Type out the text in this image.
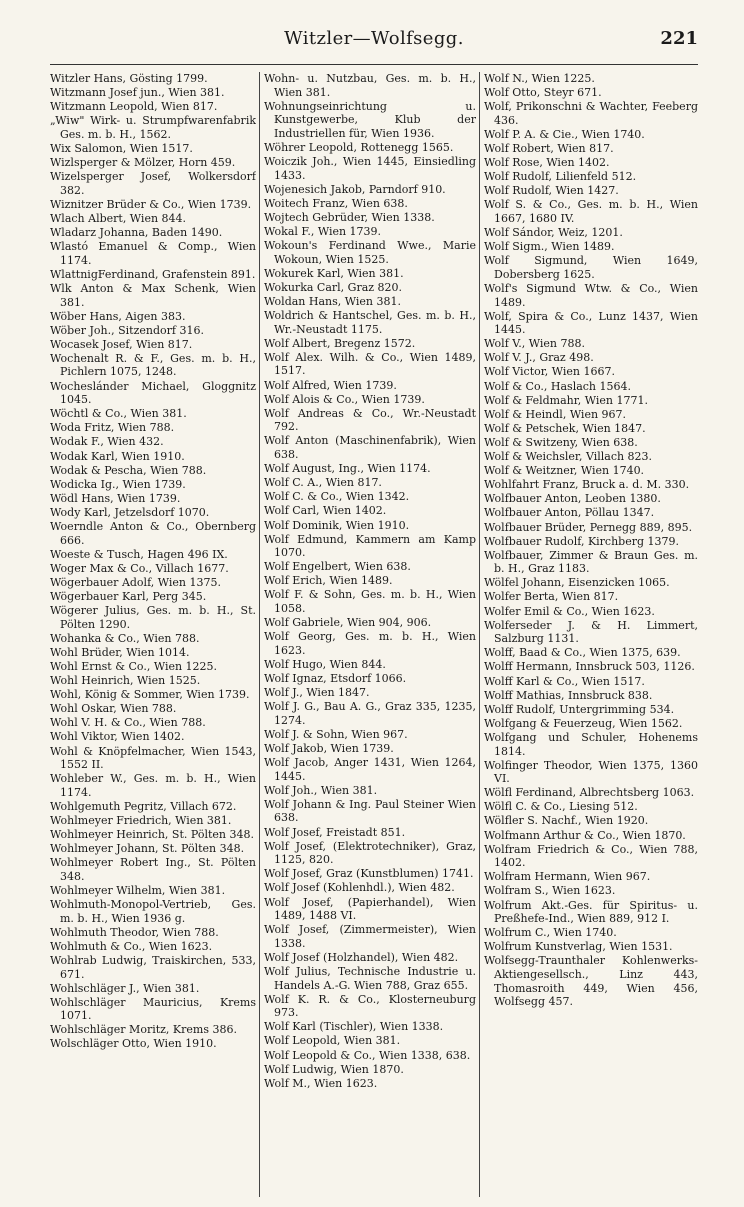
Witzler—Wolfsegg.	221
Witzler Hans, Gösting 1799.
Witzmann Josef jun., Wien 381.
Witzmann Leopold, Wien 817.
„Wiw" Wirk- u. Strumpfwarenfabrik Ges. m. b. H., 1562.
Wix Salomon, Wien 1517.
Wizlsperger & Mölzer, Horn 459.
Wizelsperger Josef, Wolkersdorf 382.
Wiznitzer Brüder & Co., Wien 1739.
Wlach Albert, Wien 844.
Wladarz Johanna, Baden 1490.
Wlastó Emanuel & Comp., Wien 1174.
WlattnigFerdinand, Grafenstein 891.
Wlk Anton & Max Schenk, Wien 381.
Wöber Hans, Aigen 383.
Wöber Joh., Sitzendorf 316.
Wocasek Josef, Wien 817.
Wochenalt R. & F., Ges. m. b. H., Pichlern 1075, 1248.
Wocheslánder Michael, Gloggnitz 1045.
Wöchtl & Co., Wien 381.
Woda Fritz, Wien 788.
Wodak F., Wien 432.
Wodak Karl, Wien 1910.
Wodak & Pescha, Wien 788.
Wodicka Ig., Wien 1739.
Wödl Hans, Wien 1739.
Wody Karl, Jetzelsdorf 1070.
Woerndle Anton & Co., Obernberg 666.
Woeste & Tusch, Hagen 496 IX.
Woger Max & Co., Villach 1677.
Wögerbauer Adolf, Wien 1375.
Wögerbauer Karl, Perg 345.
Wögerer Julius, Ges. m. b. H., St. Pölten 1290.
Wohanka & Co., Wien 788.
Wohl Brüder, Wien 1014.
Wohl Ernst & Co., Wien 1225.
Wohl Heinrich, Wien 1525.
Wohl, König & Sommer, Wien 1739.
Wohl Oskar, Wien 788.
Wohl V. H. & Co., Wien 788.
Wohl Viktor, Wien 1402.
Wohl & Knöpfelmacher, Wien 1543, 1552 II.
Wohleber W., Ges. m. b. H., Wien 1174.
Wohlgemuth Pegritz, Villach 672.
Wohlmeyer Friedrich, Wien 381.
Wohlmeyer Heinrich, St. Pölten 348.
Wohlmeyer Johann, St. Pölten 348.
Wohlmeyer Robert Ing., St. Pölten 348.
Wohlmeyer Wilhelm, Wien 381.
Wohlmuth-Monopol-Vertrieb, Ges. m. b. H., Wien 1936 g.
Wohlmuth Theodor, Wien 788.
Wohlmuth & Co., Wien 1623.
Wohlrab Ludwig, Traiskirchen, 533, 671.
Wohlschläger J., Wien 381.
Wohlschläger Mauricius, Krems 1071.
Wohlschläger Moritz, Krems 386.
Wolschläger Otto, Wien 1910.
Wohn- u. Nutzbau, Ges. m. b. H., Wien 381.
Wohnungseinrichtung u. Kunstgewerbe, Klub der Industriellen für, Wien 1936.
Wöhrer Leopold, Rottenegg 1565.
Woiczik Joh., Wien 1445, Einsiedling 1433.
Wojenesich Jakob, Parndorf 910.
Woitech Franz, Wien 638.
Wojtech Gebrüder, Wien 1338.
Wokal F., Wien 1739.
Wokoun's Ferdinand Wwe., Marie Wokoun, Wien 1525.
Wokurek Karl, Wien 381.
Wokurka Carl, Graz 820.
Woldan Hans, Wien 381.
Woldrich & Hantschel, Ges. m. b. H., Wr.-Neustadt 1175.
Wolf Albert, Bregenz 1572.
Wolf Alex. Wilh. & Co., Wien 1489, 1517.
Wolf Alfred, Wien 1739.
Wolf Alois & Co., Wien 1739.
Wolf Andreas & Co., Wr.-Neustadt 792.
Wolf Anton (Maschinenfabrik), Wien 638.
Wolf August, Ing., Wien 1174.
Wolf C. A., Wien 817.
Wolf C. & Co., Wien 1342.
Wolf Carl, Wien 1402.
Wolf Dominik, Wien 1910.
Wolf Edmund, Kammern am Kamp 1070.
Wolf Engelbert, Wien 638.
Wolf Erich, Wien 1489.
Wolf F. & Sohn, Ges. m. b. H., Wien 1058.
Wolf Gabriele, Wien 904, 906.
Wolf Georg, Ges. m. b. H., Wien 1623.
Wolf Hugo, Wien 844.
Wolf Ignaz, Etsdorf 1066.
Wolf J., Wien 1847.
Wolf J. G., Bau A. G., Graz 335, 1235, 1274.
Wolf J. & Sohn, Wien 967.
Wolf Jakob, Wien 1739.
Wolf Jacob, Anger 1431, Wien 1264, 1445.
Wolf Joh., Wien 381.
Wolf Johann & Ing. Paul Steiner Wien 638.
Wolf Josef, Freistadt 851.
Wolf Josef, (Elektrotechniker), Graz, 1125, 820.
Wolf Josef, Graz (Kunstblumen) 1741.
Wolf Josef (Kohlenhdl.), Wien 482.
Wolf Josef, (Papierhandel), Wien 1489, 1488 VI.
Wolf Josef, (Zimmermeister), Wien 1338.
Wolf Josef (Holzhandel), Wien 482.
Wolf Julius, Technische Industrie u. Handels A.-G. Wien 788, Graz 655.
Wolf K. R. & Co., Klosterneuburg 973.
Wolf Karl (Tischler), Wien 1338.
Wolf Leopold, Wien 381.
Wolf Leopold & Co., Wien 1338, 638.
Wolf Ludwig, Wien 1870.
Wolf M., Wien 1623.
Wolf N., Wien 1225.
Wolf Otto, Steyr 671.
Wolf, Prikonschni & Wachter, Feeberg 436.
Wolf P. A. & Cie., Wien 1740.
Wolf Robert, Wien 817.
Wolf Rose, Wien 1402.
Wolf Rudolf, Lilienfeld 512.
Wolf Rudolf, Wien 1427.
Wolf S. & Co., Ges. m. b. H., Wien 1667, 1680 IV.
Wolf Sándor, Weiz, 1201.
Wolf Sigm., Wien 1489.
Wolf Sigmund, Wien 1649, Dobersberg 1625.
Wolf's Sigmund Wtw. & Co., Wien 1489.
Wolf, Spira & Co., Lunz 1437, Wien 1445.
Wolf V., Wien 788.
Wolf V. J., Graz 498.
Wolf Victor, Wien 1667.
Wolf & Co., Haslach 1564.
Wolf & Feldmahr, Wien 1771.
Wolf & Heindl, Wien 967.
Wolf & Petschek, Wien 1847.
Wolf & Switzeny, Wien 638.
Wolf & Weichsler, Villach 823.
Wolf & Weitzner, Wien 1740.
Wohlfahrt Franz, Bruck a. d. M. 330.
Wolfbauer Anton, Leoben 1380.
Wolfbauer Anton, Pöllau 1347.
Wolfbauer Brüder, Pernegg 889, 895.
Wolfbauer Rudolf, Kirchberg 1379.
Wolfbauer, Zimmer & Braun Ges. m. b. H., Graz 1183.
Wölfel Johann, Eisenzicken 1065.
Wolfer Berta, Wien 817.
Wolfer Emil & Co., Wien 1623.
Wolferseder J. & H. Limmert, Salzburg 1131.
Wolff, Baad & Co., Wien 1375, 639.
Wolff Hermann, Innsbruck 503, 1126.
Wolff Karl & Co., Wien 1517.
Wolff Mathias, Innsbruck 838.
Wolff Rudolf, Untergrimming 534.
Wolfgang & Feuerzeug, Wien 1562.
Wolfgang und Schuler, Hohenems 1814.
Wolfinger Theodor, Wien 1375, 1360 VI.
Wölfl Ferdinand, Albrechtsberg 1063.
Wölfl C. & Co., Liesing 512.
Wölfler S. Nachf., Wien 1920.
Wolfmann Arthur & Co., Wien 1870.
Wolfram Friedrich & Co., Wien 788, 1402.
Wolfram Hermann, Wien 967.
Wolfram S., Wien 1623.
Wolfrum Akt.-Ges. für Spiritus- u. Preßhefe-Ind., Wien 889, 912 I.
Wolfrum C., Wien 1740.
Wolfrum Kunstverlag, Wien 1531.
Wolfsegg-Traunthaler Kohlenwerks-Aktiengesellsch., Linz 443, Thomasroith 449, Wien 456, Wolfsegg 457.
